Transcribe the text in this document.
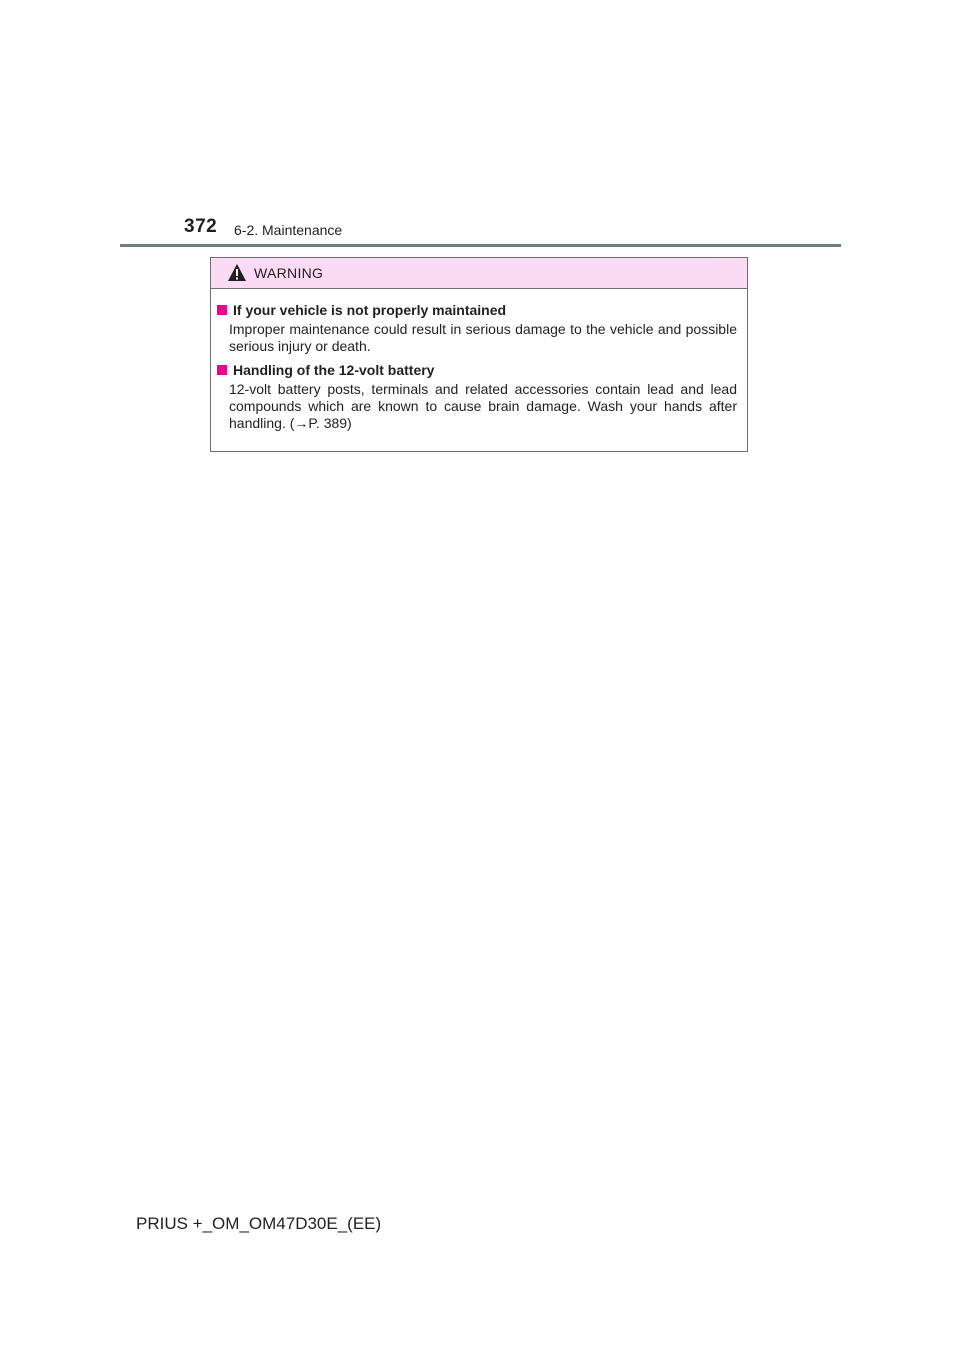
372 6-2. Maintenance
WARNING
If your vehicle is not properly maintained
Improper maintenance could result in serious damage to the vehicle and possible serious injury or death.
Handling of the 12-volt battery
12-volt battery posts, terminals and related accessories contain lead and lead compounds which are known to cause brain damage. Wash your hands after handling. (→P. 389)
PRIUS +_OM_OM47D30E_(EE)
